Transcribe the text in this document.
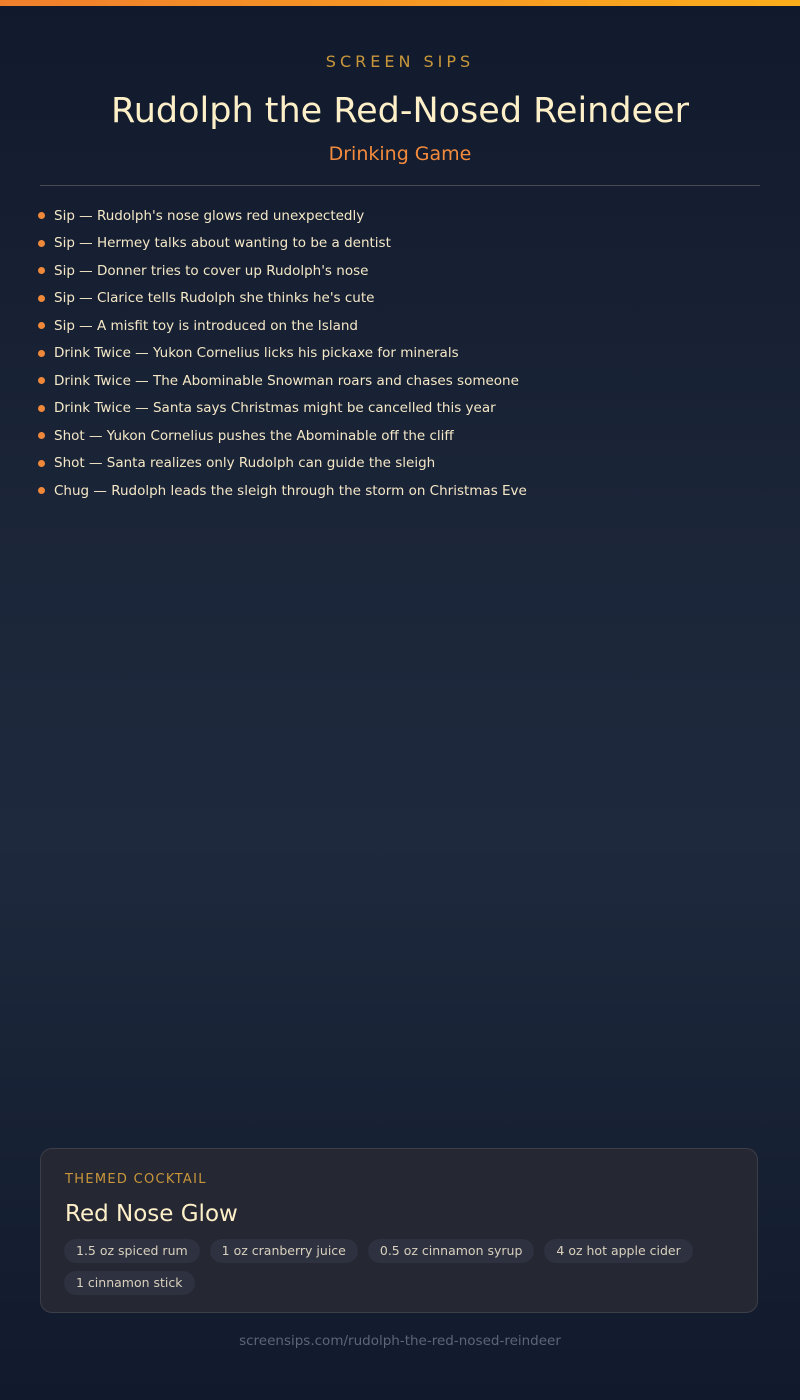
SCREEN SIPS
Rudolph the Red-Nosed Reindeer
Drinking Game
Sip — Rudolph's nose glows red unexpectedly
Sip — Hermey talks about wanting to be a dentist
Sip — Donner tries to cover up Rudolph's nose
Sip — Clarice tells Rudolph she thinks he's cute
Sip — A misfit toy is introduced on the Island
Drink Twice — Yukon Cornelius licks his pickaxe for minerals
Drink Twice — The Abominable Snowman roars and chases someone
Drink Twice — Santa says Christmas might be cancelled this year
Shot — Yukon Cornelius pushes the Abominable off the cliff
Shot — Santa realizes only Rudolph can guide the sleigh
Chug — Rudolph leads the sleigh through the storm on Christmas Eve
THEMED COCKTAIL
Red Nose Glow
1.5 oz spiced rum	1 oz cranberry juice	0.5 oz cinnamon syrup	4 oz hot apple cider
1 cinnamon stick
screensips.com/rudolph-the-red-nosed-reindeer
